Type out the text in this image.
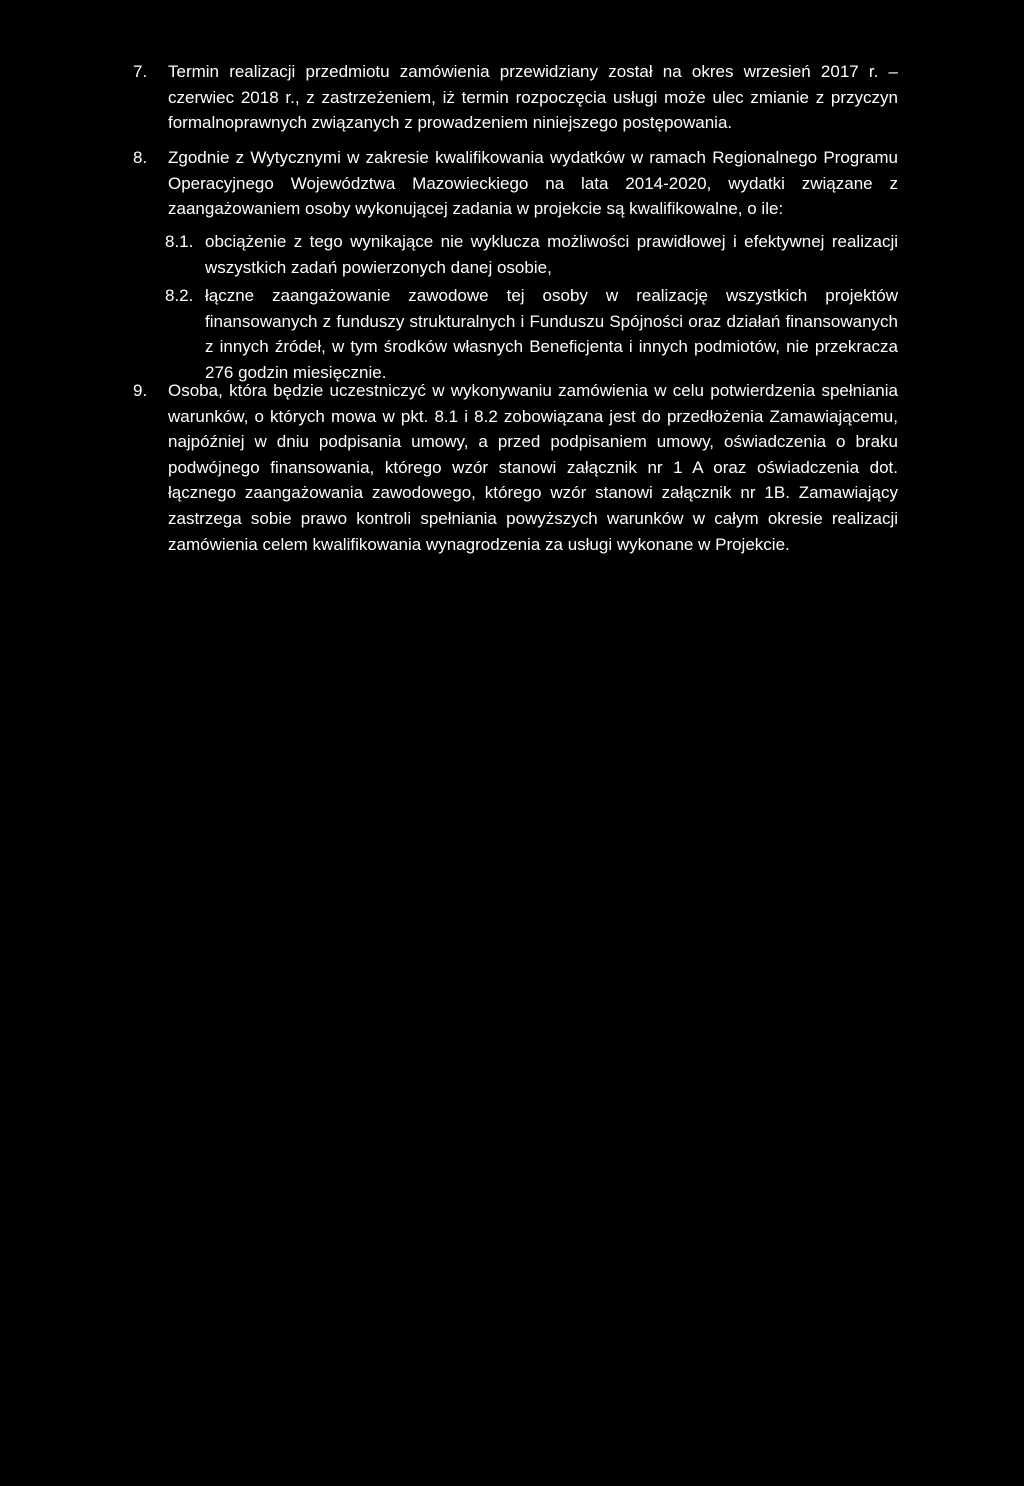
7. Termin realizacji przedmiotu zamówienia przewidziany został na okres wrzesień 2017 r. – czerwiec 2018 r., z zastrzeżeniem, iż termin rozpoczęcia usługi może ulec zmianie z przyczyn formalnoprawnych związanych z prowadzeniem niniejszego postępowania.
8. Zgodnie z Wytycznymi w zakresie kwalifikowania wydatków w ramach Regionalnego Programu Operacyjnego Województwa Mazowieckiego na lata 2014-2020, wydatki związane z zaangażowaniem osoby wykonującej zadania w projekcie są kwalifikowalne, o ile:
8.1. obciążenie z tego wynikające nie wyklucza możliwości prawidłowej i efektywnej realizacji wszystkich zadań powierzonych danej osobie,
8.2. łączne zaangażowanie zawodowe tej osoby w realizację wszystkich projektów finansowanych z funduszy strukturalnych i Funduszu Spójności oraz działań finansowanych z innych źródeł, w tym środków własnych Beneficjenta i innych podmiotów, nie przekracza 276 godzin miesięcznie.
9. Osoba, która będzie uczestniczyć w wykonywaniu zamówienia w celu potwierdzenia spełniania warunków, o których mowa w pkt. 8.1 i 8.2 zobowiązana jest do przedłożenia Zamawiającemu, najpóźniej w dniu podpisania umowy, a przed podpisaniem umowy, oświadczenia o braku podwójnego finansowania, którego wzór stanowi załącznik nr 1 A oraz oświadczenia dot. łącznego zaangażowania zawodowego, którego wzór stanowi załącznik nr 1B. Zamawiający zastrzega sobie prawo kontroli spełniania powyższych warunków w całym okresie realizacji zamówienia celem kwalifikowania wynagrodzenia za usługi wykonane w Projekcie.
